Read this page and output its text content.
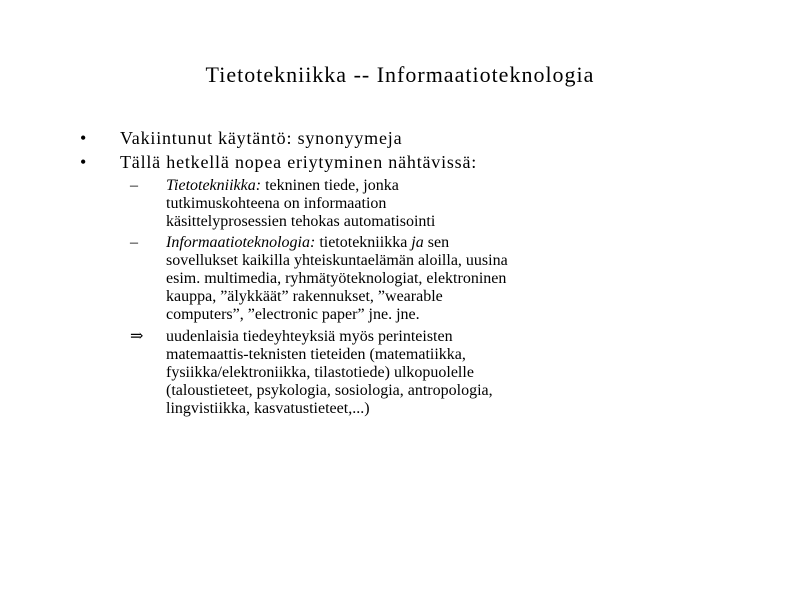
Tietotekniikka -- Informaatioteknologia
•	Vakiintunut käytäntö: synonyymeja
•	Tällä hetkellä nopea eriytyminen nähtävissä:
–	Tietotekniikka: tekninen tiede, jonka
tutkimuskohteena on informaation
käsittelyprosessien tehokas automatisointi
–	Informaatioteknologia: tietotekniikka ja sen
sovellukset kaikilla yhteiskuntaelämän aloilla, uusina
esim. multimedia, ryhmätyöteknologiat, elektroninen
kauppa, ”älykkäät” rakennukset, ”wearable
computers”, ”electronic paper” jne. jne.
⇒	uudenlaisia tiedeyhteyksiä myös perinteisten
matemaattis-teknisten tieteiden (matematiikka,
fysiikka/elektroniikka, tilastotiede) ulkopuolelle
(taloustieteet, psykologia, sosiologia, antropologia,
lingvistiikka, kasvatustieteet,...)
